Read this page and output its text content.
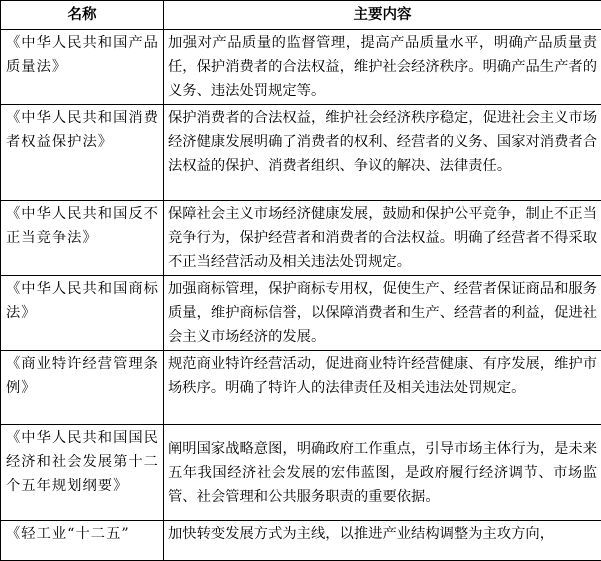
名称	主要内容
《中华人民共和国产品质量法》	加强对产品质量的监督管理，提高产品质量水平，明确产品质量责任，保护消费者的合法权益，维护社会经济秩序。明确产品生产者的义务、违法处罚规定等。
《中华人民共和国消费者权益保护法》	保护消费者的合法权益，维护社会经济秩序稳定，促进社会主义市场经济健康发展明确了消费者的权利、经营者的义务、国家对消费者合法权益的保护、消费者组织、争议的解决、法律责任。
《中华人民共和国反不正当竞争法》	保障社会主义市场经济健康发展，鼓励和保护公平竞争，制止不正当竞争行为，保护经营者和消费者的合法权益。明确了经营者不得采取不正当经营活动及相关违法处罚规定。
《中华人民共和国商标法》	加强商标管理，保护商标专用权，促使生产、经营者保证商品和服务质量，维护商标信誉，以保障消费者和生产、经营者的利益，促进社会主义市场经济的发展。
《商业特许经营管理条例》	规范商业特许经营活动，促进商业特许经营健康、有序发展，维护市场秩序。明确了特许人的法律责任及相关违法处罚规定。
《中华人民共和国国民经济和社会发展第十二个五年规划纲要》	阐明国家战略意图，明确政府工作重点，引导市场主体行为，是未来五年我国经济社会发展的宏伟蓝图，是政府履行经济调节、市场监管、社会管理和公共服务职责的重要依据。
《轻工业“十二五”	加快转变发展方式为主线，以推进产业结构调整为主攻方向，
